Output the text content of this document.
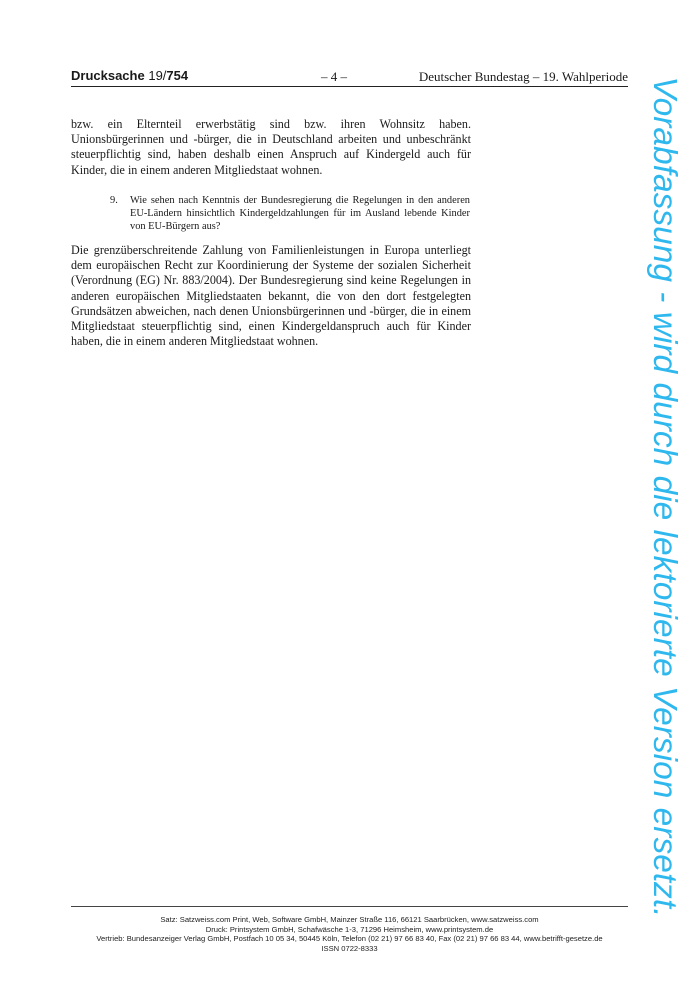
Drucksache 19/754	– 4 –	Deutscher Bundestag – 19. Wahlperiode

bzw. ein Elternteil erwerbstätig sind bzw. ihren Wohnsitz haben. Unionsbürgerinnen und -bürger, die in Deutschland arbeiten und unbeschränkt steuerpflichtig sind, haben deshalb einen Anspruch auf Kindergeld auch für Kinder, die in einem anderen Mitgliedstaat wohnen.

9. Wie sehen nach Kenntnis der Bundesregierung die Regelungen in den anderen EU-Ländern hinsichtlich Kindergeldzahlungen für im Ausland lebende Kinder von EU-Bürgern aus?

Die grenzüberschreitende Zahlung von Familienleistungen in Europa unterliegt dem europäischen Recht zur Koordinierung der Systeme der sozialen Sicherheit (Verordnung (EG) Nr. 883/2004). Der Bundesregierung sind keine Regelungen in anderen europäischen Mitgliedstaaten bekannt, die von den dort festgelegten Grundsätzen abweichen, nach denen Unionsbürgerinnen und -bürger, die in einem Mitgliedstaat steuerpflichtig sind, einen Kindergeldanspruch auch für Kinder haben, die in einem anderen Mitgliedstaat wohnen.	Vorabfassung - wird durch die lektorierte Version ersetzt.
Satz: Satzweiss.com Print, Web, Software GmbH, Mainzer Straße 116, 66121 Saarbrücken, www.satzweiss.com
Druck: Printsystem GmbH, Schafwäsche 1-3, 71296 Heimsheim, www.printsystem.de
Vertrieb: Bundesanzeiger Verlag GmbH, Postfach 10 05 34, 50445 Köln, Telefon (02 21) 97 66 83 40, Fax (02 21) 97 66 83 44, www.betrifft-gesetze.de
ISSN 0722-8333
